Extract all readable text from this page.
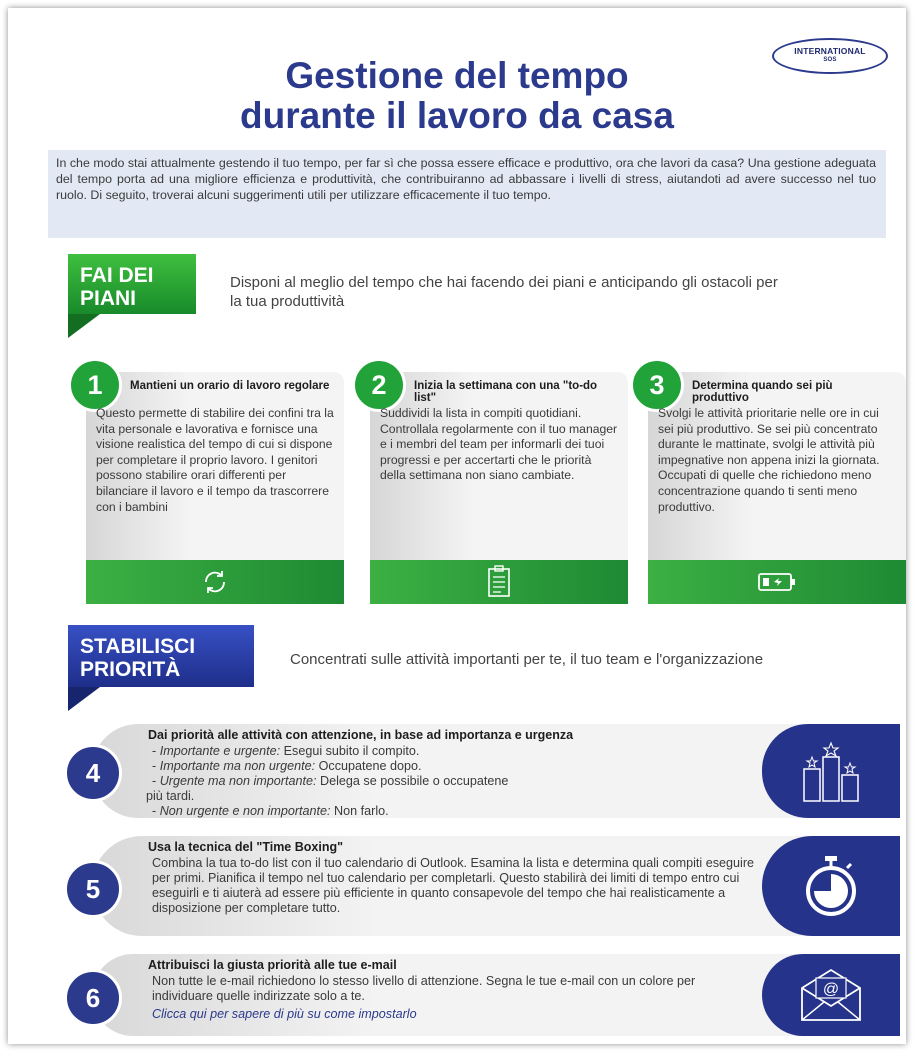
INTERNATIONAL
SOS
Gestione del tempo
durante il lavoro da casa
In che modo stai attualmente gestendo il tuo tempo, per far sì che possa essere efficace e produttivo, ora che lavori da casa? Una gestione adeguata del tempo porta ad una migliore efficienza e produttività, che contribuiranno ad abbassare i livelli di stress, aiutandoti ad avere successo nel tuo ruolo. Di seguito, troverai alcuni suggerimenti utili per utilizzare efficacemente il tuo tempo.
FAI DEI
PIANI
Disponi al meglio del tempo che hai facendo dei piani e anticipando gli ostacoli per la tua produttività
1	Mantieni un orario di lavoro regolare
Questo permette di stabilire dei confini tra la vita personale e lavorativa e fornisce una visione realistica del tempo di cui si dispone per completare il proprio lavoro. I genitori possono stabilire orari differenti per bilanciare il lavoro e il tempo da trascorrere con i bambini
2	Inizia la settimana con una "to-do list"
Suddividi la lista in compiti quotidiani. Controllala regolarmente con il tuo manager e i membri del team per informarli dei tuoi progressi e per accertarti che le priorità della settimana non siano cambiate.
3	Determina quando sei più produttivo
Svolgi le attività prioritarie nelle ore in cui sei più produttivo. Se sei più concentrato durante le mattinate, svolgi le attività più impegnative non appena inizi la giornata. Occupati di quelle che richiedono meno concentrazione quando ti senti meno produttivo.
STABILISCI
PRIORITÀ	Concentrati sulle attività importanti per te, il tuo team e l'organizzazione
4
Dai priorità alle attività con attenzione, in base ad importanza e urgenza
- Importante e urgente: Esegui subito il compito.
- Importante ma non urgente: Occupatene dopo.
- Urgente ma non importante: Delega se possibile o occupatene
più tardi.
- Non urgente e non importante: Non farlo.
5
Usa la tecnica del "Time Boxing"
Combina la tua to-do list con il tuo calendario di Outlook. Esamina la lista e determina quali compiti eseguire per primi. Pianifica il tempo nel tuo calendario per completarli. Questo stabilirà dei limiti di tempo entro cui eseguirli e ti aiuterà ad essere più efficiente in quanto consapevole del tempo che hai realisticamente a disposizione per completare tutto.
6
Attribuisci la giusta priorità alle tue e-mail
Non tutte le e-mail richiedono lo stesso livello di attenzione. Segna le tue e-mail con un colore per individuare quelle indirizzate solo a te.
Clicca qui per sapere di più su come impostarlo
@
